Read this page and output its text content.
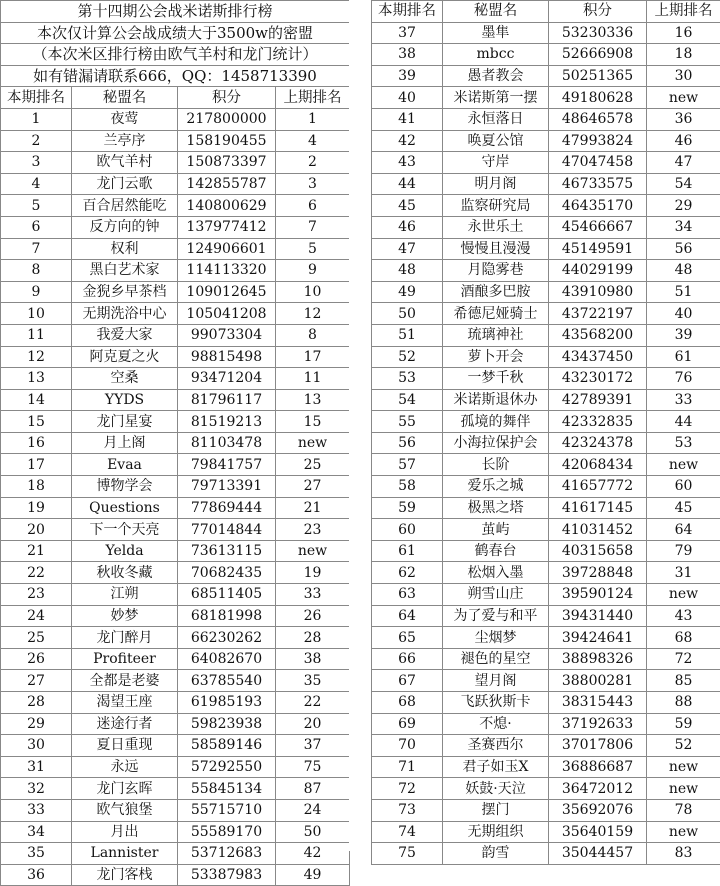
第十四期公会战米诺斯排行榜			
本次仅计算公会战成绩大于3500w的密盟			
（本次米区排行榜由欧气羊村和龙门统计）			
如有错漏请联系666，QQ：1458713390			
本期排名	秘盟名	积分	上期排名
1	夜莺	217800000	1
2	兰亭序	158190455	4
3	欧气羊村	150873397	2
4	龙门云歌	142855787	3
5	百合居然能吃	140800629	6
6	反方向的钟	137977412	7
7	权利	124906601	5
8	黑白艺术家	114113320	9
9	金猊乡早茶档	109012645	10
10	无期洗浴中心	105041208	12
11	我爱大家	99073304	8
12	阿克夏之火	98815498	17
13	空桑	93471204	11
14	YYDS	81796117	13
15	龙门星宴	81519213	15
16	月上阁	81103478	new
17	Evaa	79841757	25
18	博物学会	79713391	27
19	Questions	77869444	21
20	下一个天亮	77014844	23
21	Yelda	73613115	new
22	秋收冬藏	70682435	19
23	江朔	68511405	33
24	妙梦	68181998	26
25	龙门醉月	66230262	28
26	Profiteer	64082670	38
27	全都是老婆	63785540	35
28	渴望王座	61985193	22
29	迷途行者	59823938	20
30	夏日重现	58589146	37
31	永远	57292550	75
32	龙门玄晖	55845134	87
33	欧气狼堡	55715710	24
34	月出	55589170	50
35	Lannister	53712683	42
36	龙门客栈	53387983	49
本期排名	秘盟名	积分	上期排名
37	墨隼	53230336	16
38	mbcc	52666908	18
39	愚者教会	50251365	30
40	米诺斯第一摆	49180628	new
41	永恒落日	48646578	36
42	唤夏公馆	47993824	46
43	守岸	47047458	47
44	明月阁	46733575	54
45	监察研究局	46435170	29
46	永世乐土	45466667	34
47	慢慢且漫漫	45149591	56
48	月隐雾巷	44029199	48
49	酒酿多巴胺	43910980	51
50	希德尼娅骑士	43722197	40
51	琉璃神社	43568200	39
52	萝卜开会	43437450	61
53	一梦千秋	43230172	76
54	米诺斯退休办	42789391	33
55	孤境的舞伴	42332835	44
56	小海拉保护会	42324378	53
57	长阶	42068434	new
58	爱乐之城	41657772	60
59	极黑之塔	41617145	45
60	茧屿	41031452	64
61	鹤春台	40315658	79
62	松烟入墨	39728848	31
63	朔雪山庄	39590124	new
64	为了爱与和平	39431440	43
65	尘烟梦	39424641	68
66	褪色的星空	38898326	72
67	望月阁	38800281	85
68	飞跃狄斯卡	38315443	88
69	不熄·	37192633	59
70	圣赛西尔	37017806	52
71	君子如玉X	36886687	new
72	妖鼓·天泣	36472012	new
73	摆门	35692076	78
74	无期组织	35640159	new
75	韵雪	35044457	83
